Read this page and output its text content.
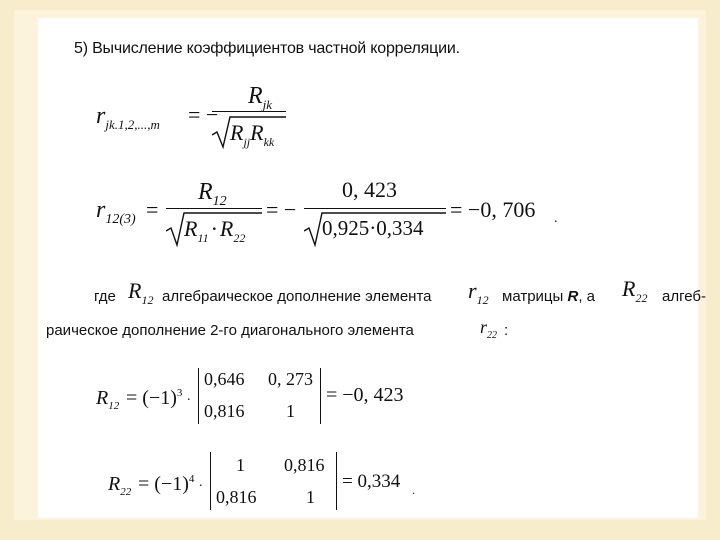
5) Вычисление коэффициентов частной корреляции.
$r_{jk.1,2,...,m}$ = −
$R_{jk}$
$R_{jj}R_{kk}$
$r_{12(3)}$ =
$R_{12}$
$R_{11}\cdot R_{22}$
= −
0, 423
0,925·0,334
= −0, 706 .
где $R_{12}$ алгебраическое дополнение элемента $r_{12}$ матрицы R, а $R_{22}$ алгеб-
раическое дополнение 2-го диагонального элемента	$r_{22}$ :
$R_{12} = (-1)^3$ ·
0,646 0, 273
0,816 1
= −0, 423
$R_{22} = (-1)^4$ ·
1 0,816
0,816	1
= 0,334 .
